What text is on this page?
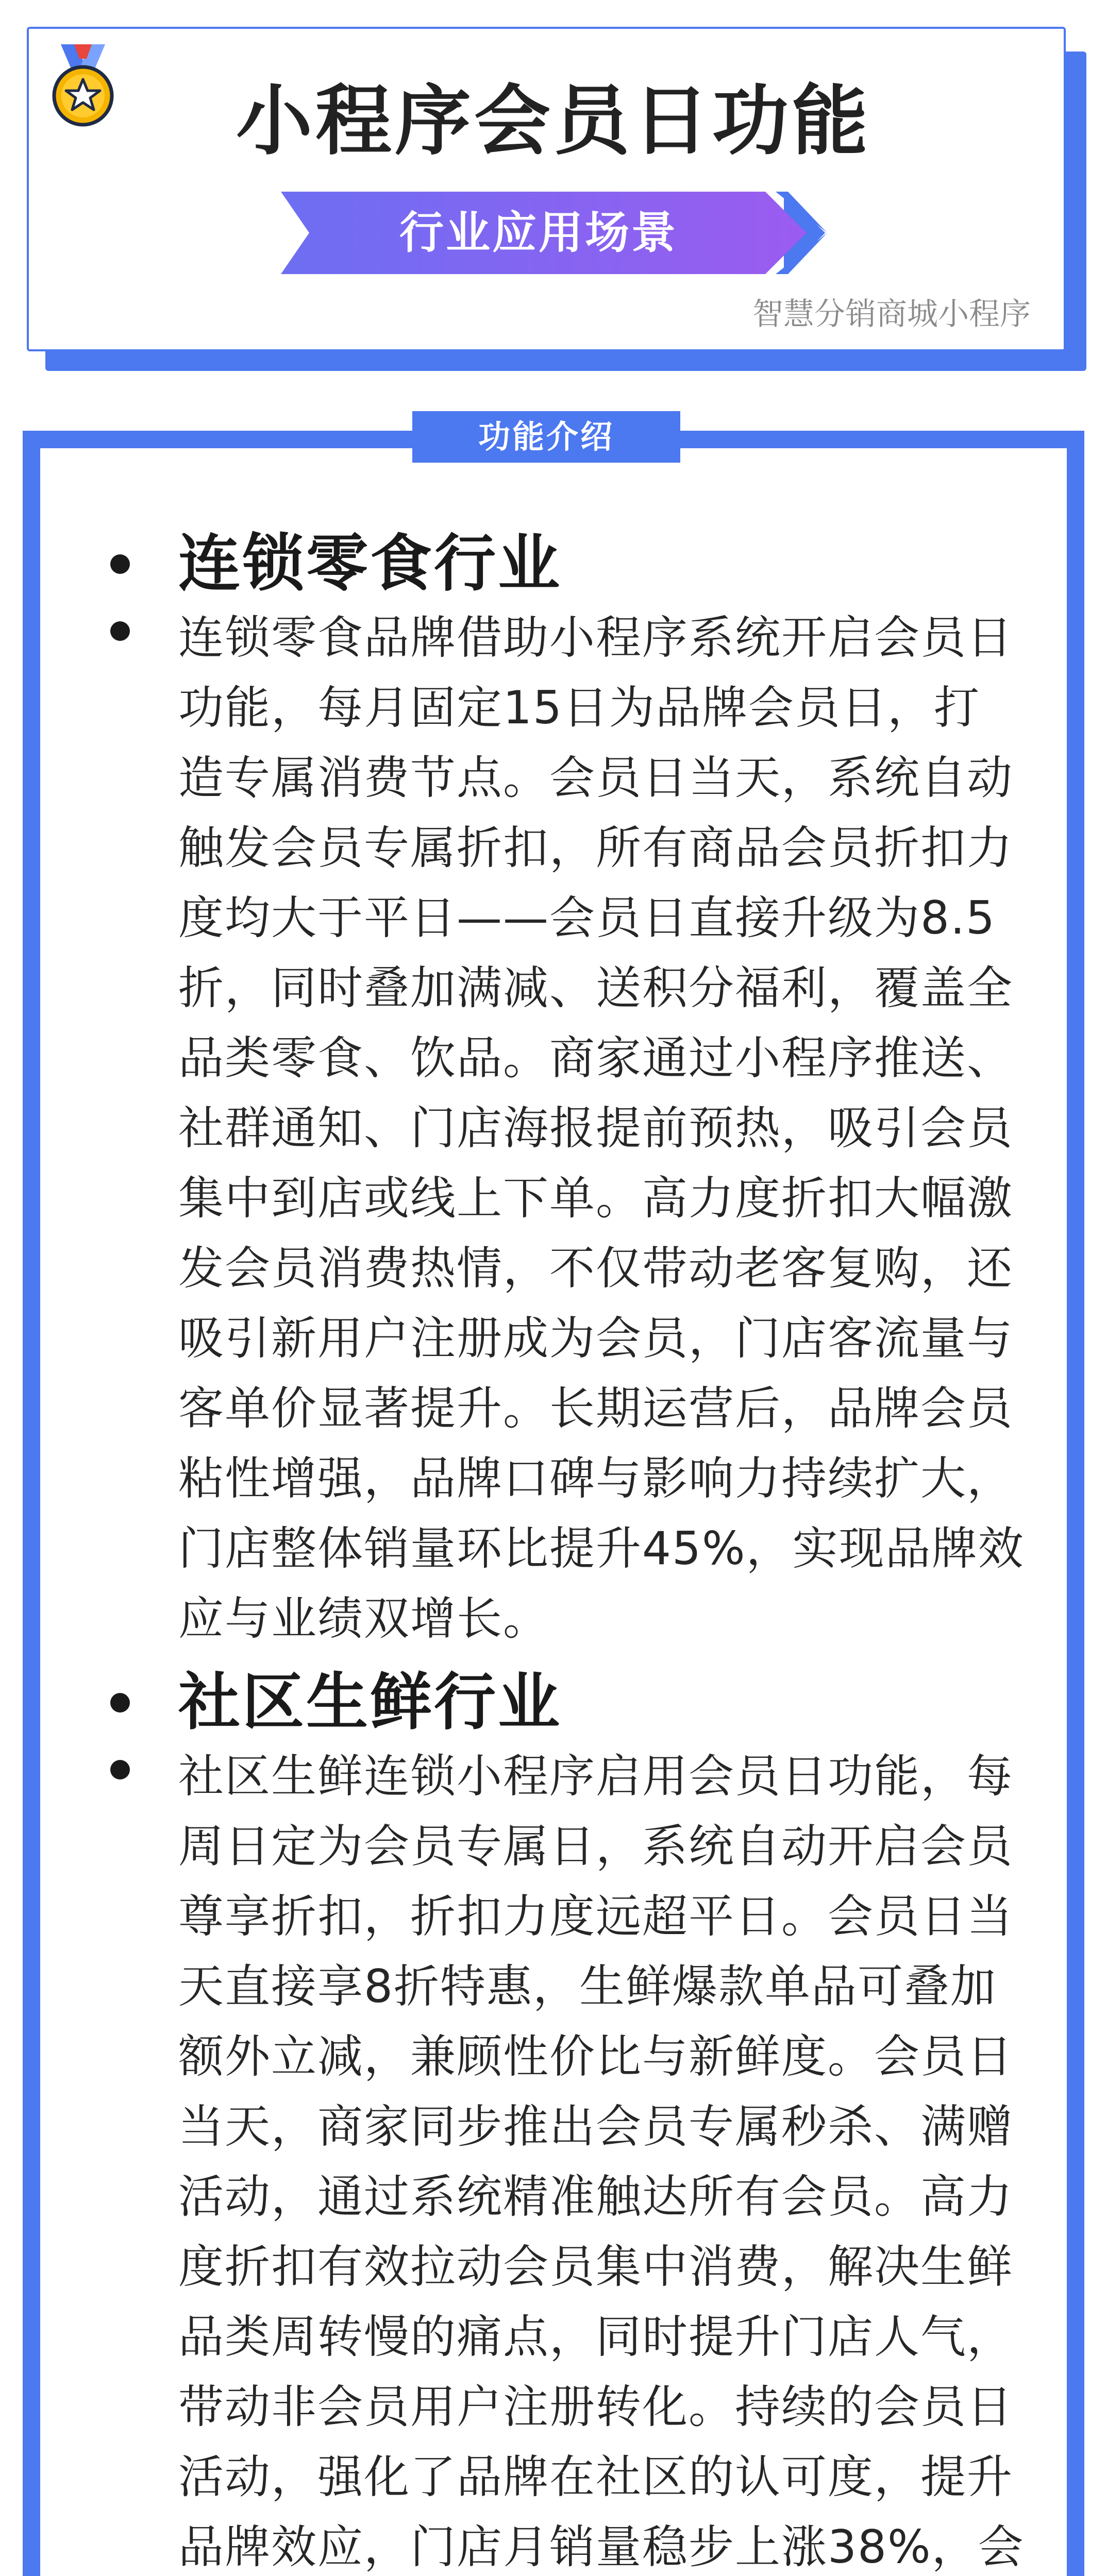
小程序会员日功能
行业应用场景
智慧分销商城小程序
功能介绍
连锁零食行业

连锁零食品牌借助小程序系统开启会员日功能，每月固定15日为品牌会员日，打造专属消费节点。会员日当天，系统自动触发会员专属折扣，所有商品会员折扣力度均大于平日——会员日直接升级为8.5折，同时叠加满减、送积分福利，覆盖全品类零食、饮品。商家通过小程序推送、社群通知、门店海报提前预热，吸引会员集中到店或线上下单。高力度折扣大幅激发会员消费热情，不仅带动老客复购，还吸引新用户注册成为会员，门店客流量与客单价显著提升。长期运营后，品牌会员粘性增强，品牌口碑与影响力持续扩大，门店整体销量环比提升45%，实现品牌效应与业绩双增长。

社区生鲜行业

社区生鲜连锁小程序启用会员日功能，每周日定为会员专属日，系统自动开启会员尊享折扣，折扣力度远超平日。会员日当天直接享8折特惠，生鲜爆款单品可叠加额外立减，兼顾性价比与新鲜度。会员日当天，商家同步推出会员专属秒杀、满赠活动，通过系统精准触达所有会员。高力度折扣有效拉动会员集中消费，解决生鲜品类周转慢的痛点，同时提升门店人气，带动非会员用户注册转化。持续的会员日活动，强化了品牌在社区的认可度，提升品牌效应，门店月销量稳步上涨38%，会
